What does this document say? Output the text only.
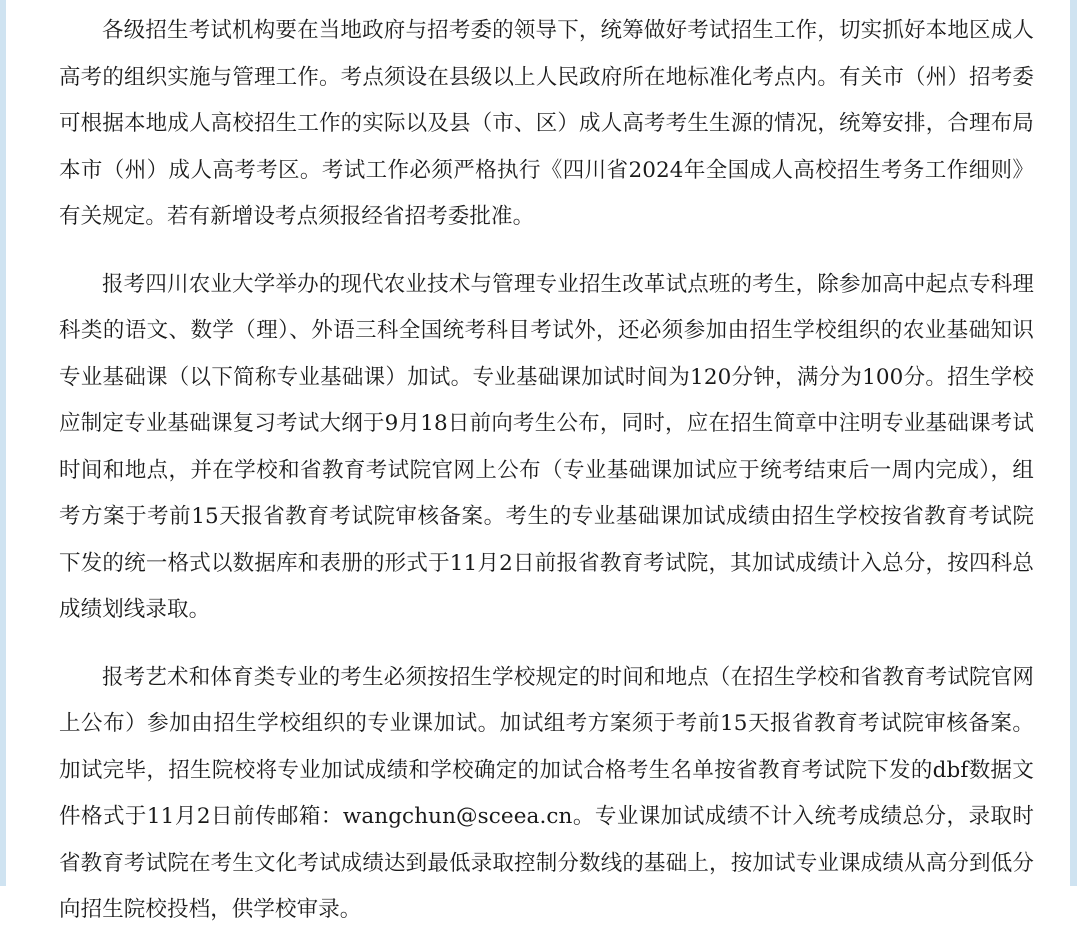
各级招生考试机构要在当地政府与招考委的领导下，统筹做好考试招生工作，切实抓好本地区成人高考的组织实施与管理工作。考点须设在县级以上人民政府所在地标准化考点内。有关市（州）招考委可根据本地成人高校招生工作的实际以及县（市、区）成人高考考生生源的情况，统筹安排，合理布局本市（州）成人高考考区。考试工作必须严格执行《四川省2024年全国成人高校招生考务工作细则》有关规定。若有新增设考点须报经省招考委批准。

报考四川农业大学举办的现代农业技术与管理专业招生改革试点班的考生，除参加高中起点专科理科类的语文、数学（理）、外语三科全国统考科目考试外，还必须参加由招生学校组织的农业基础知识专业基础课（以下简称专业基础课）加试。专业基础课加试时间为120分钟，满分为100分。招生学校应制定专业基础课复习考试大纲于9月18日前向考生公布，同时，应在招生简章中注明专业基础课考试时间和地点，并在学校和省教育考试院官网上公布（专业基础课加试应于统考结束后一周内完成），组考方案于考前15天报省教育考试院审核备案。考生的专业基础课加试成绩由招生学校按省教育考试院下发的统一格式以数据库和表册的形式于11月2日前报省教育考试院，其加试成绩计入总分，按四科总成绩划线录取。

报考艺术和体育类专业的考生必须按招生学校规定的时间和地点（在招生学校和省教育考试院官网上公布）参加由招生学校组织的专业课加试。加试组考方案须于考前15天报省教育考试院审核备案。加试完毕，招生院校将专业加试成绩和学校确定的加试合格考生名单按省教育考试院下发的dbf数据文件格式于11月2日前传邮箱：wangchun@sceea.cn。专业课加试成绩不计入统考成绩总分，录取时省教育考试院在考生文化考试成绩达到最低录取控制分数线的基础上，按加试专业课成绩从高分到低分向招生院校投档，供学校审录。
